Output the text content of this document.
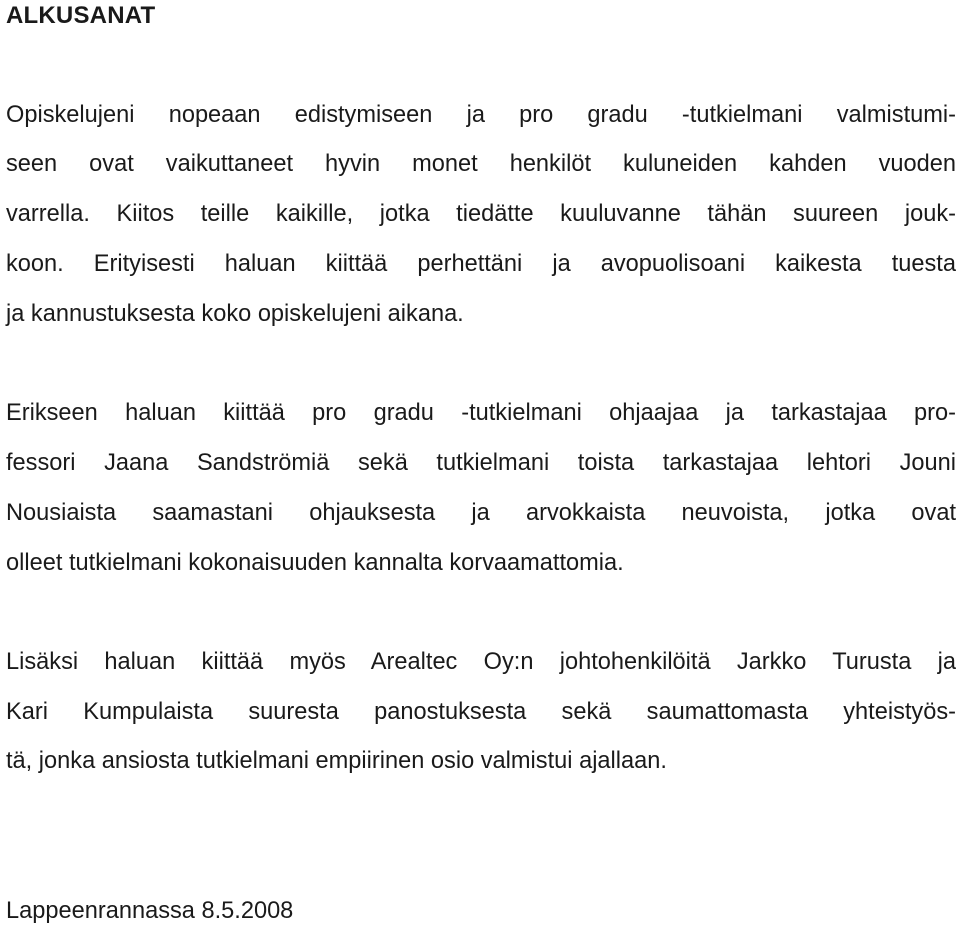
ALKUSANAT

Opiskelujeni nopeaan edistymiseen ja pro gradu -tutkielmani valmistumi-

seen ovat vaikuttaneet hyvin monet henkilöt kuluneiden kahden vuoden

varrella. Kiitos teille kaikille, jotka tiedätte kuuluvanne tähän suureen jouk-

koon. Erityisesti haluan kiittää perhettäni ja avopuolisoani kaikesta tuesta

ja kannustuksesta koko opiskelujeni aikana.

Erikseen haluan kiittää pro gradu -tutkielmani ohjaajaa ja tarkastajaa pro-

fessori Jaana Sandströmiä sekä tutkielmani toista tarkastajaa lehtori Jouni

Nousiaista saamastani ohjauksesta ja arvokkaista neuvoista, jotka ovat

olleet tutkielmani kokonaisuuden kannalta korvaamattomia.

Lisäksi haluan kiittää myös Arealtec Oy:n johtohenkilöitä Jarkko Turusta ja

Kari Kumpulaista suuresta panostuksesta sekä saumattomasta yhteistyös-

tä, jonka ansiosta tutkielmani empiirinen osio valmistui ajallaan.

Lappeenrannassa 8.5.2008
